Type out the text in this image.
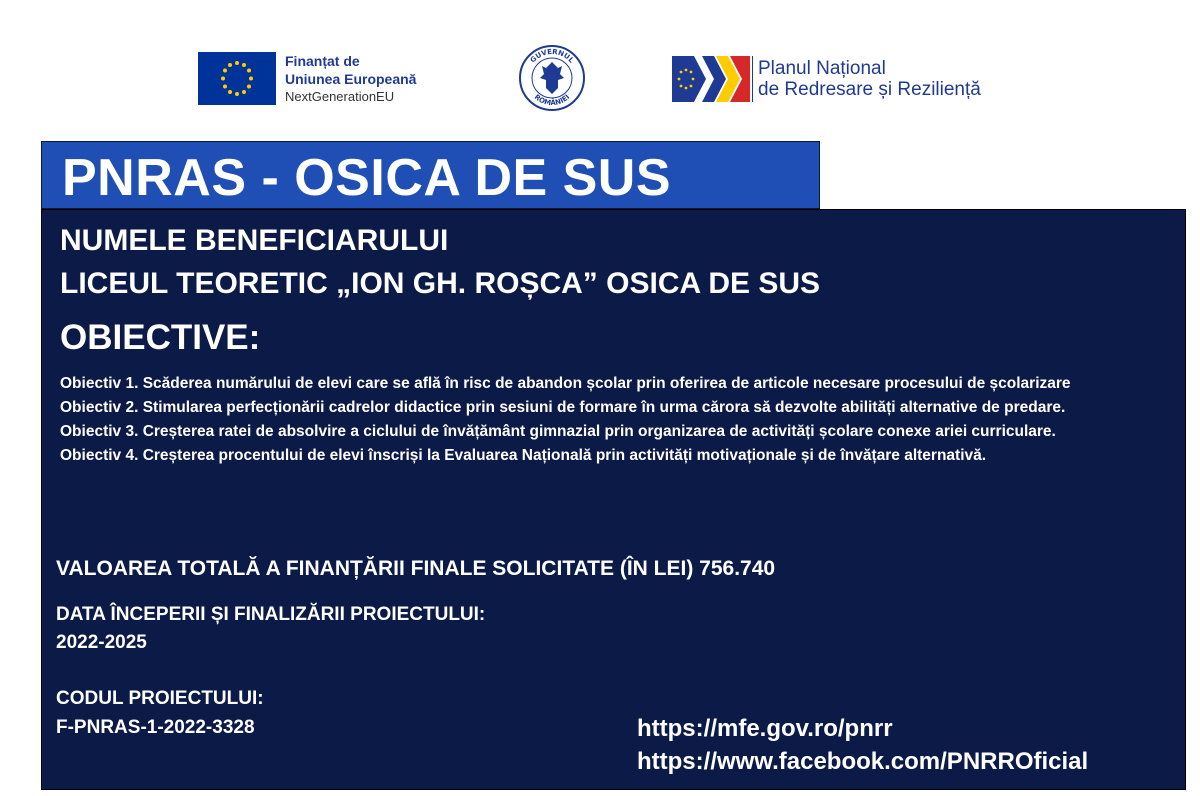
Finanțat de
Uniunea Europeană
NextGenerationEU
GUVERNUL
ROMÂNIEI
Planul Național
de Redresare și Reziliență
PNRAS - OSICA DE SUS
NUMELE BENEFICIARULUI
LICEUL TEORETIC „ION GH. ROȘCA” OSICA DE SUS
OBIECTIVE:
Obiectiv 1. Scăderea numărului de elevi care se află în risc de abandon școlar prin oferirea de articole necesare procesului de școlarizare
Obiectiv 2. Stimularea perfecționării cadrelor didactice prin sesiuni de formare în urma cărora să dezvolte abilități alternative de predare.
Obiectiv 3. Creșterea ratei de absolvire a ciclului de învățământ gimnazial prin organizarea de activități școlare conexe ariei curriculare.
Obiectiv 4. Creșterea procentului de elevi înscriși la Evaluarea Națională prin activități motivaționale și de învățare alternativă.
VALOAREA TOTALĂ A FINANȚĂRII FINALE SOLICITATE (ÎN LEI) 756.740
DATA ÎNCEPERII ȘI FINALIZĂRII PROIECTULUI:
2022-2025
CODUL PROIECTULUI:
F-PNRAS-1-2022-3328	https://mfe.gov.ro/pnrr
https://www.facebook.com/PNRROficial
